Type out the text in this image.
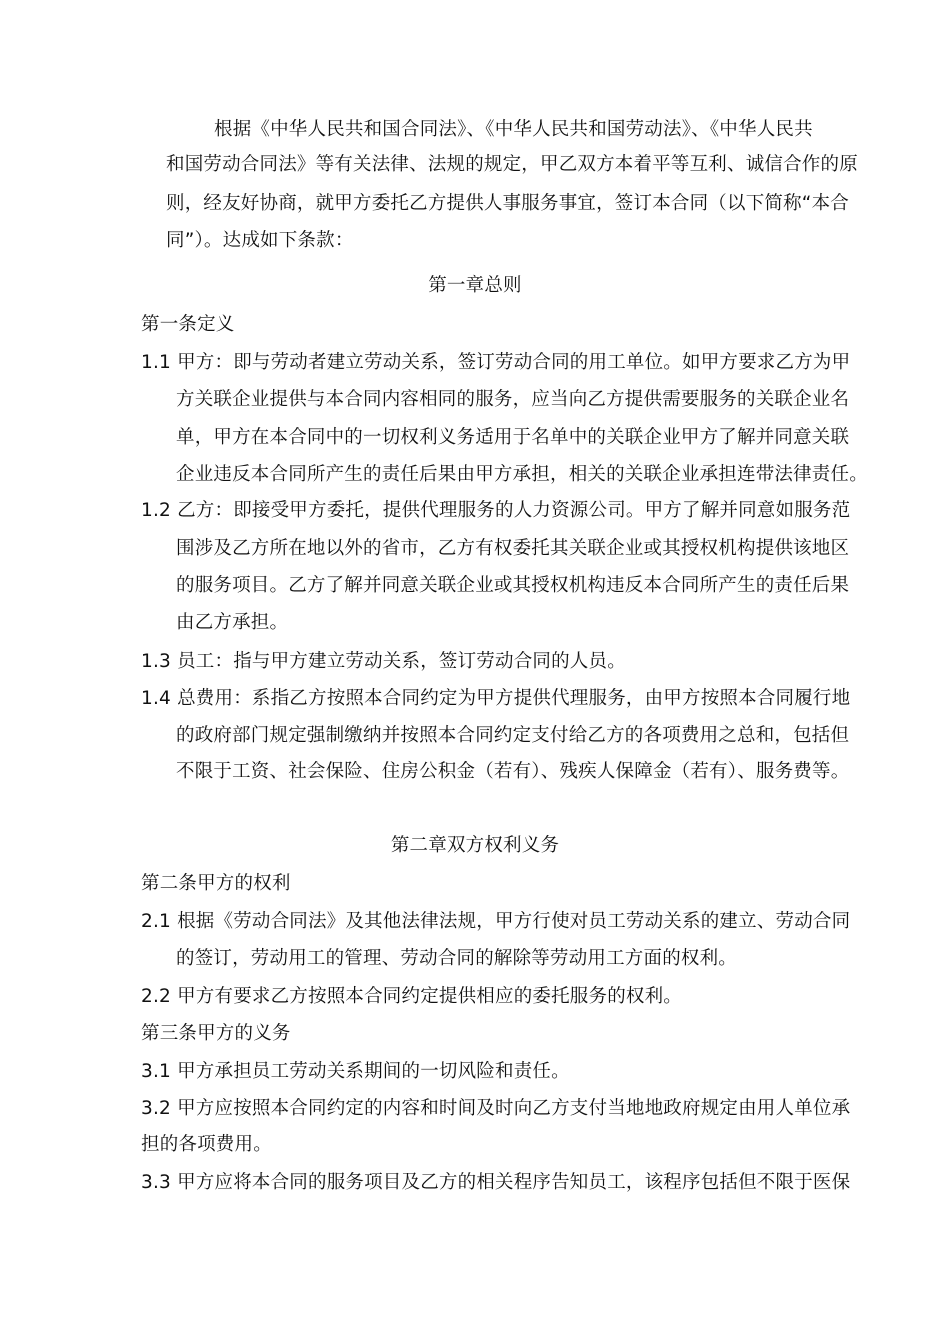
根据《中华人民共和国合同法》、《中华人民共和国劳动法》、《中华人民共
和国劳动合同法》等有关法律、法规的规定，甲乙双方本着平等互利、诚信合作的原
则，经友好协商，就甲方委托乙方提供人事服务事宜，签订本合同（以下简称“本合
同”）。达成如下条款：
第一章总则
第一条定义
1.1 甲方：即与劳动者建立劳动关系，签订劳动合同的用工单位。如甲方要求乙方为甲
方关联企业提供与本合同内容相同的服务，应当向乙方提供需要服务的关联企业名
单，甲方在本合同中的一切权利义务适用于名单中的关联企业甲方了解并同意关联
企业违反本合同所产生的责任后果由甲方承担，相关的关联企业承担连带法律责任。
1.2 乙方：即接受甲方委托，提供代理服务的人力资源公司。甲方了解并同意如服务范
围涉及乙方所在地以外的省市，乙方有权委托其关联企业或其授权机构提供该地区
的服务项目。乙方了解并同意关联企业或其授权机构违反本合同所产生的责任后果
由乙方承担。
1.3 员工：指与甲方建立劳动关系，签订劳动合同的人员。
1.4 总费用：系指乙方按照本合同约定为甲方提供代理服务，由甲方按照本合同履行地
的政府部门规定强制缴纳并按照本合同约定支付给乙方的各项费用之总和，包括但
不限于工资、社会保险、住房公积金（若有）、残疾人保障金（若有）、服务费等。
第二章双方权利义务
第二条甲方的权利
2.1 根据《劳动合同法》及其他法律法规，甲方行使对员工劳动关系的建立、劳动合同
的签订，劳动用工的管理、劳动合同的解除等劳动用工方面的权利。
2.2 甲方有要求乙方按照本合同约定提供相应的委托服务的权利。
第三条甲方的义务
3.1 甲方承担员工劳动关系期间的一切风险和责任。
3.2 甲方应按照本合同约定的内容和时间及时向乙方支付当地地政府规定由用人单位承
担的各项费用。
3.3 甲方应将本合同的服务项目及乙方的相关程序告知员工，该程序包括但不限于医保
